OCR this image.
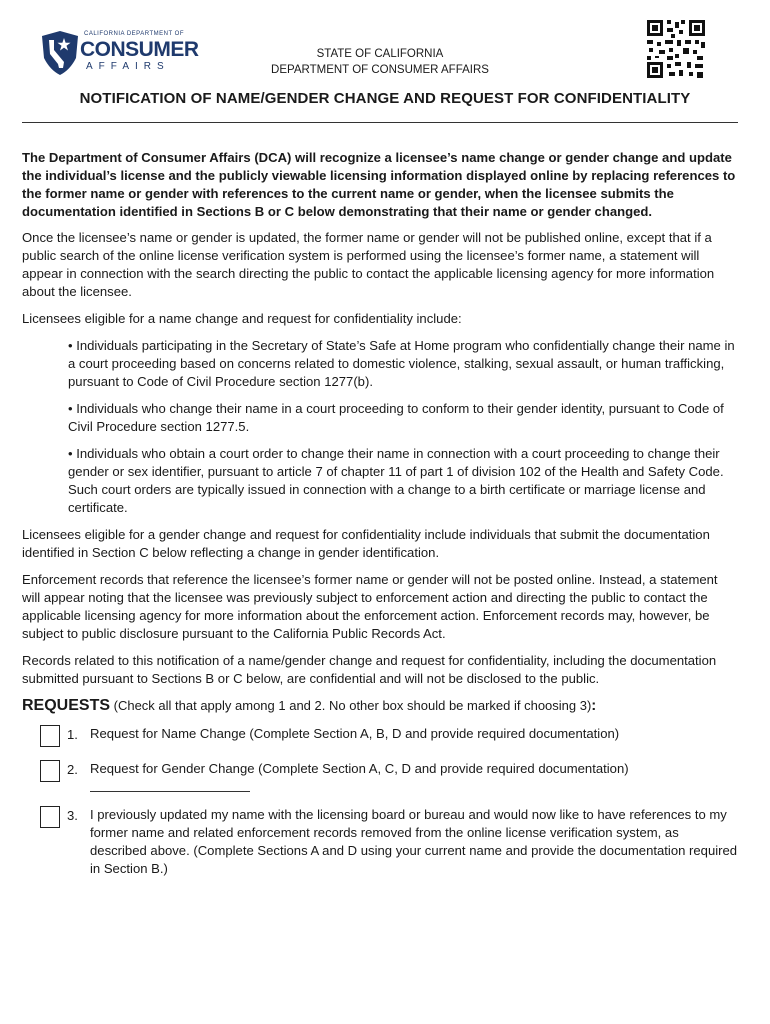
CALIFORNIA DEPARTMENT OF
CONSUMER
AFFAIRS
STATE OF CALIFORNIA
DEPARTMENT OF CONSUMER AFFAIRS
NOTIFICATION OF NAME/GENDER CHANGE AND REQUEST FOR CONFIDENTIALITY

The Department of Consumer Affairs (DCA) will recognize a licensee’s name change or gender change and update the individual’s license and the publicly viewable licensing information displayed online by replacing references to the former name or gender with references to the current name or gender, when the licensee submits the documentation identified in Sections B or C below demonstrating that their name or gender changed.

Once the licensee’s name or gender is updated, the former name or gender will not be published online, except that if a public search of the online license verification system is performed using the licensee’s former name, a statement will appear in connection with the search directing the public to contact the applicable licensing agency for more information about the licensee.

Licensees eligible for a name change and request for confidentiality include:

• Individuals participating in the Secretary of State’s Safe at Home program who confidentially change their name in a court proceeding based on concerns related to domestic violence, stalking, sexual assault, or human trafficking, pursuant to Code of Civil Procedure section 1277(b).

• Individuals who change their name in a court proceeding to conform to their gender identity, pursuant to Code of Civil Procedure section 1277.5.

• Individuals who obtain a court order to change their name in connection with a court proceeding to change their gender or sex identifier, pursuant to article 7 of chapter 11 of part 1 of division 102 of the Health and Safety Code. Such court orders are typically issued in connection with a change to a birth certificate or marriage license and certificate.

Licensees eligible for a gender change and request for confidentiality include individuals that submit the documentation identified in Section C below reflecting a change in gender identification.

Enforcement records that reference the licensee’s former name or gender will not be posted online. Instead, a statement will appear noting that the licensee was previously subject to enforcement action and directing the public to contact the applicable licensing agency for more information about the enforcement action. Enforcement records may, however, be subject to public disclosure pursuant to the California Public Records Act.

Records related to this notification of a name/gender change and request for confidentiality, including the documentation submitted pursuant to Sections B or C below, are confidential and will not be disclosed to the public.

REQUESTS (Check all that apply among 1 and 2. No other box should be marked if choosing 3):
1. Request for Name Change (Complete Section A, B, D and provide required documentation)
2. Request for Gender Change (Complete Section A, C, D and provide required documentation)
3. I previously updated my name with the licensing board or bureau and would now like to have references to my former name and related enforcement records removed from the online license verification system, as described above. (Complete Sections A and D using your current name and provide the documentation required in Section B.)
